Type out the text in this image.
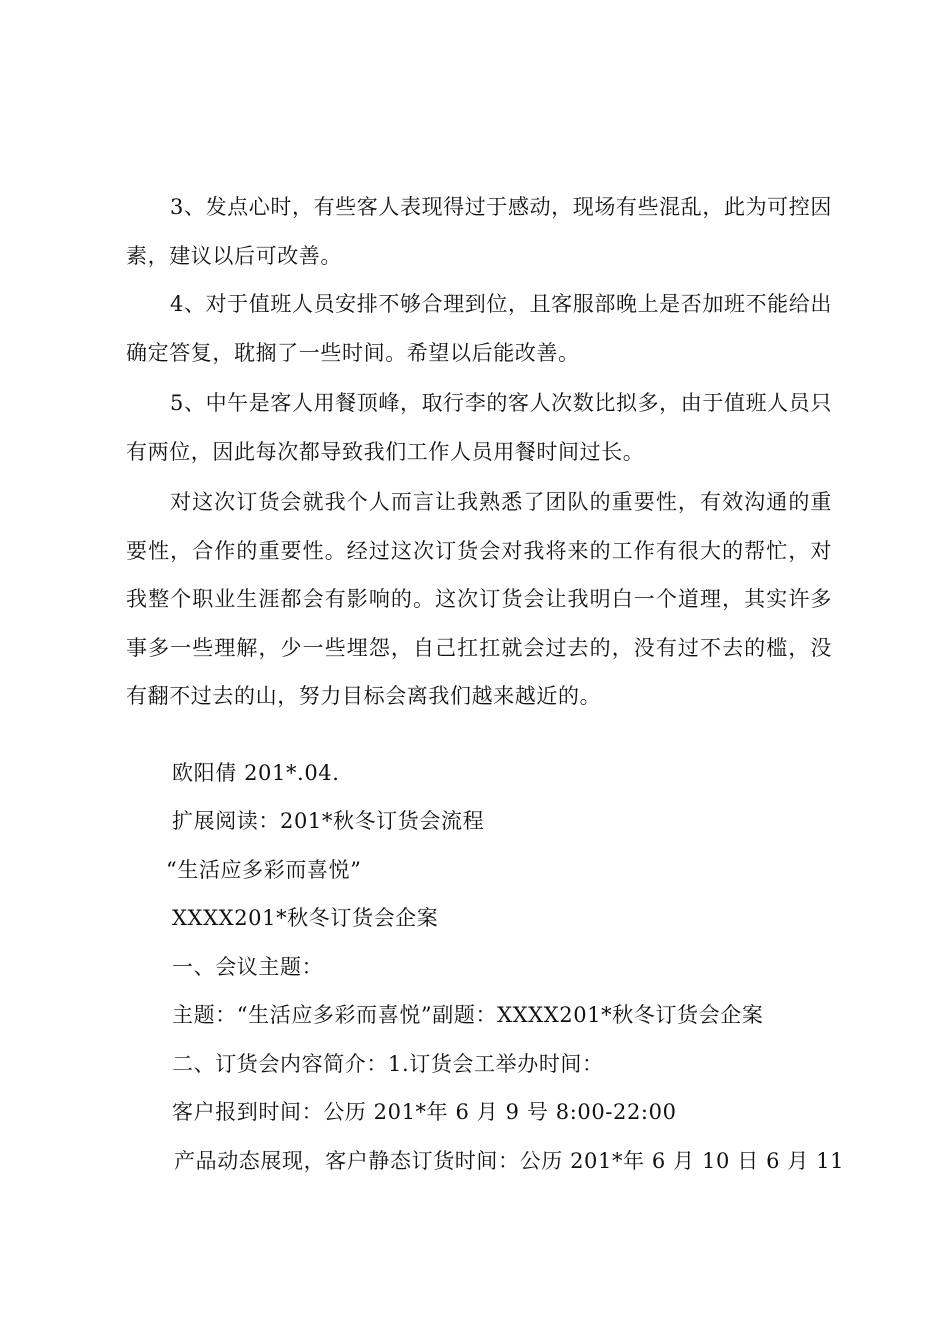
3、发点心时，有些客人表现得过于感动，现场有些混乱，此为可控因素，建议以后可改善。

4、对于值班人员安排不够合理到位，且客服部晚上是否加班不能给出确定答复，耽搁了一些时间。希望以后能改善。

5、中午是客人用餐顶峰，取行李的客人次数比拟多，由于值班人员只有两位，因此每次都导致我们工作人员用餐时间过长。

对这次订货会就我个人而言让我熟悉了团队的重要性，有效沟通的重要性，合作的重要性。经过这次订货会对我将来的工作有很大的帮忙，对我整个职业生涯都会有影响的。这次订货会让我明白一个道理，其实许多事多一些理解，少一些埋怨，自己扛扛就会过去的，没有过不去的槛，没有翻不过去的山，努力目标会离我们越来越近的。

欧阳倩 201*.04.

扩展阅读：201*秋冬订货会流程

“生活应多彩而喜悦”

XXXX201*秋冬订货会企案

一、会议主题：

主题：“生活应多彩而喜悦”副题：XXXX201*秋冬订货会企案

二、订货会内容简介：1.订货会工举办时间：

客户报到时间：公历 201*年 6 月 9 号 8:00-22:00

产品动态展现，客户静态订货时间：公历 201*年 6 月 10 日 6 月 11
